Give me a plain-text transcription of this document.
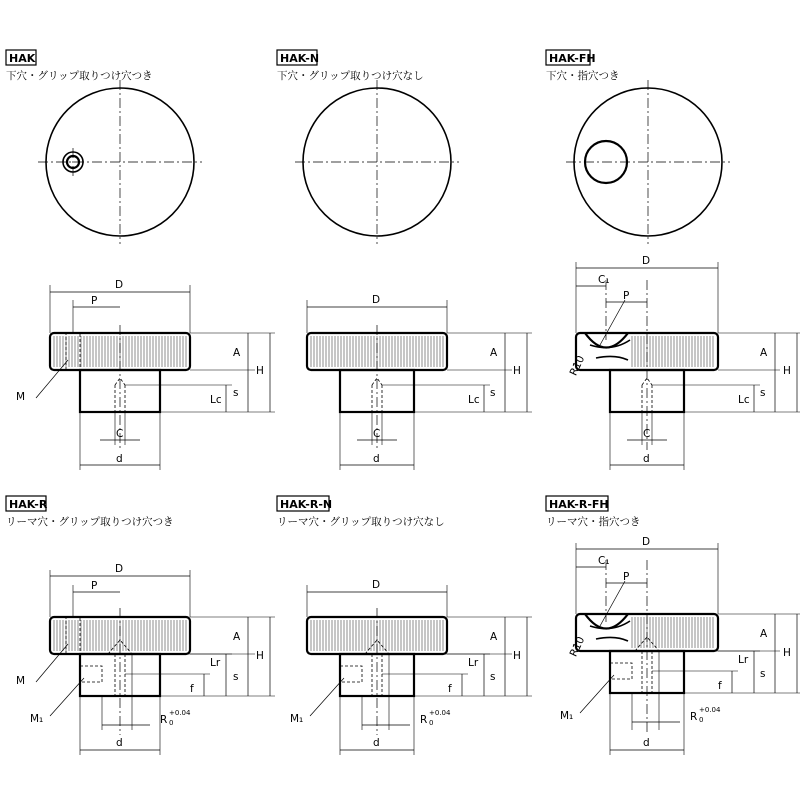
HAK
下穴・グリップ取りつけ穴つき
HAK-N
下穴・グリップ取りつけ穴なし
HAK-FH
下穴・指穴つき
HAK-R
リーマ穴・グリップ取りつけ穴つき
HAK-R-N
リーマ穴・グリップ取りつけ穴なし
HAK-R-FH
リーマ穴・指穴つき
D
P
A
H
s
Lc
C
d
M
D
A
H
s
Lc
C
d
D
C₁
P
R10
A
H
s
Lc
C
d
D
P
A
H
s
Lr
f
R
+0.04
0
d
M
M₁
D
A
H
s
Lr
f
R
+0.04
0
d
M₁
D
C₁
P
R10
A
H
s
Lr
f
R
+0.04
0
d
M₁
